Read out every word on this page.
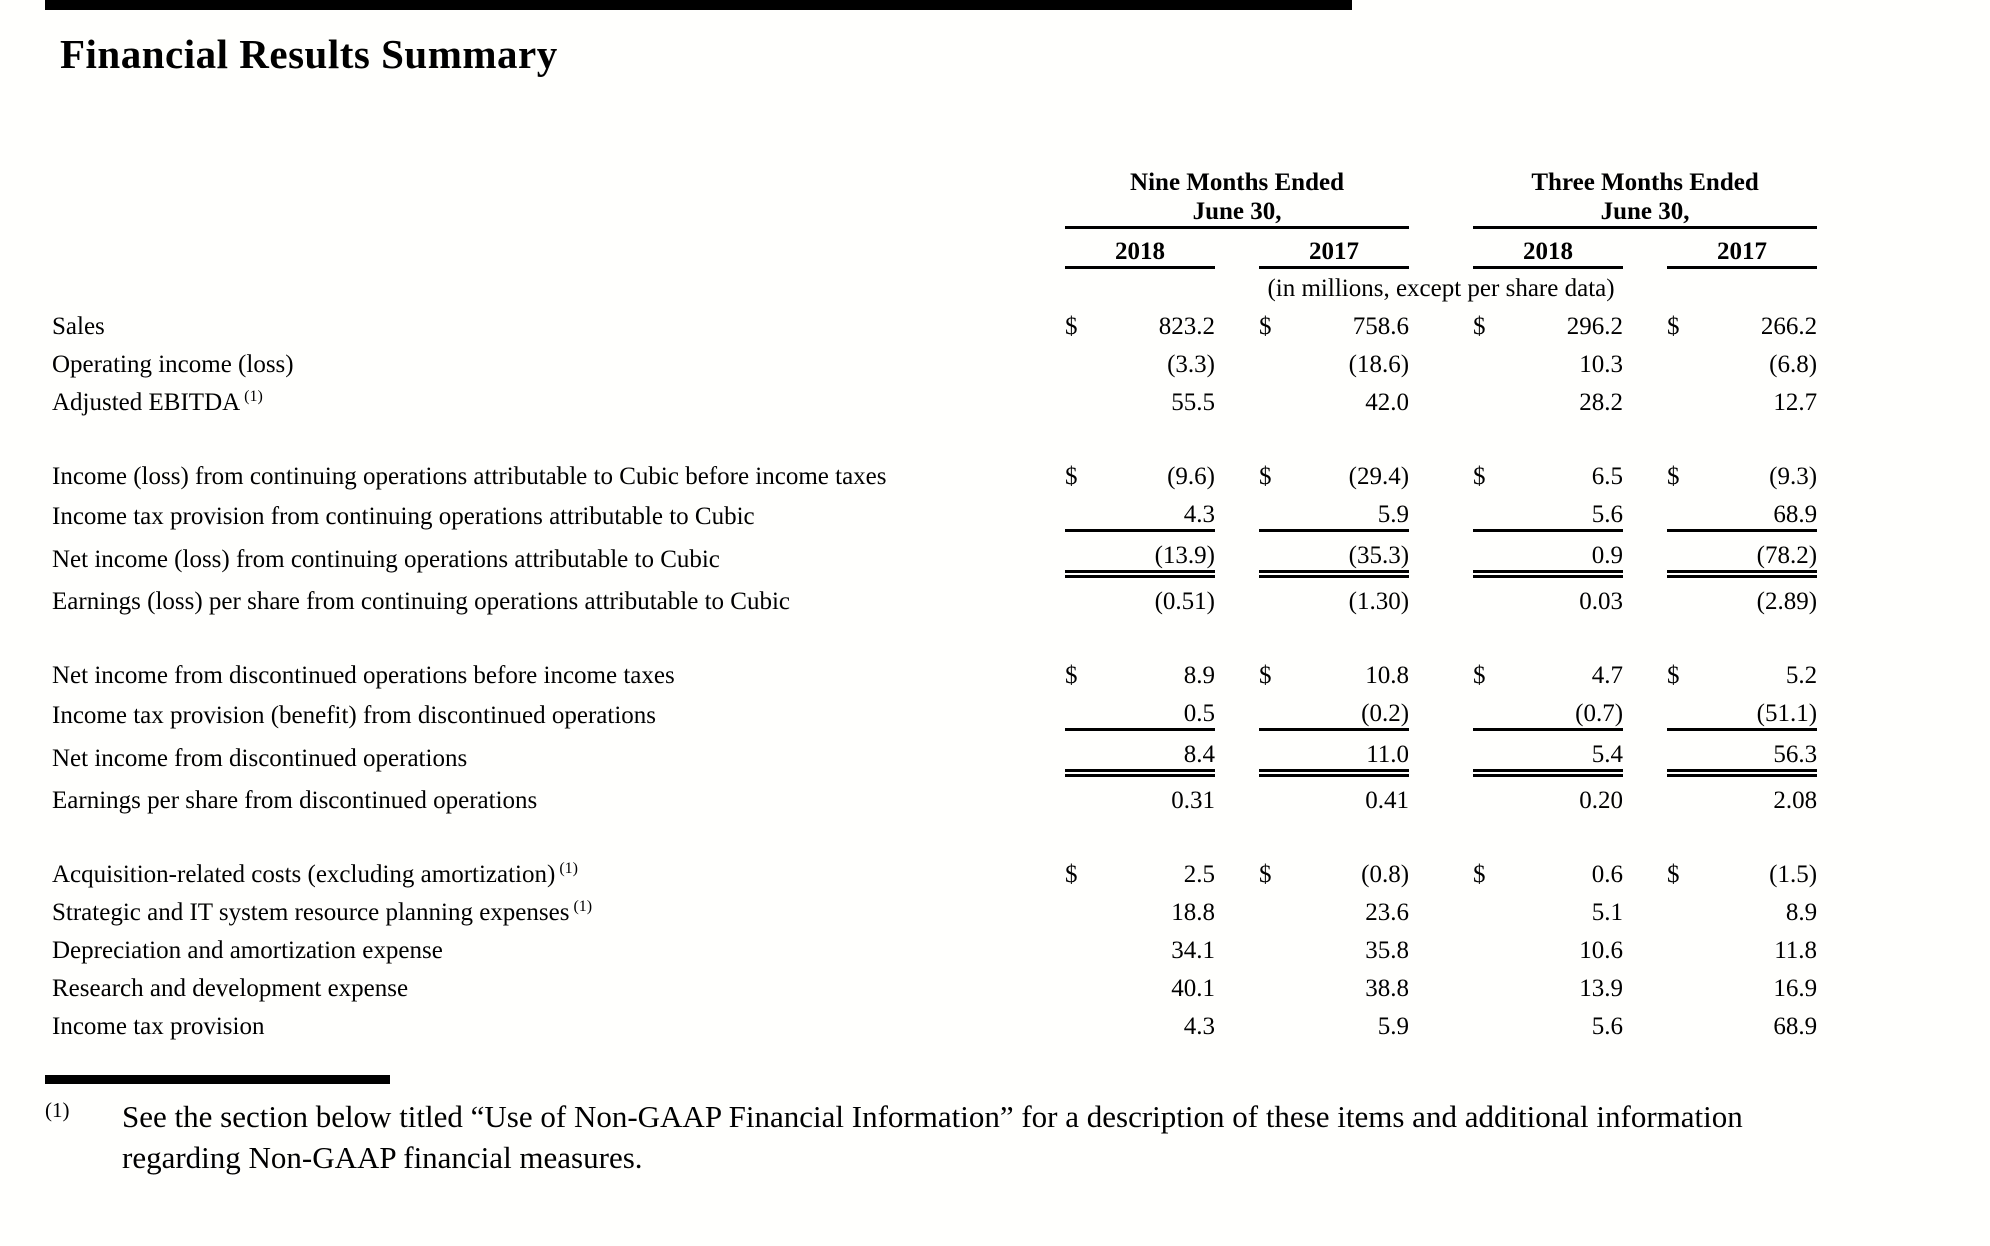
Financial Results Summary
	Nine Months Ended
June 30,						Three Months Ended
June 30,				
	2018			2017			2018			2017	
	(in millions, except per share data)										
Sales	$	823.2		$	758.6		$	296.2		$	266.2
Operating income (loss)		(3.3)			(18.6)			10.3			(6.8)
Adjusted EBITDA $^{(1)}$		55.5			42.0			28.2			12.7

Income (loss) from continuing operations attributable to Cubic before income taxes	$	(9.6)		$	(29.4)		$	6.5		$	(9.3)
Income tax provision from continuing operations attributable to Cubic		4.3			5.9			5.6			68.9
Net income (loss) from continuing operations attributable to Cubic		(13.9)			(35.3)			0.9			(78.2)
Earnings (loss) per share from continuing operations attributable to Cubic		(0.51)			(1.30)			0.03			(2.89)

Net income from discontinued operations before income taxes	$	8.9		$	10.8		$	4.7		$	5.2
Income tax provision (benefit) from discontinued operations		0.5			(0.2)			(0.7)			(51.1)
Net income from discontinued operations		8.4			11.0			5.4			56.3
Earnings per share from discontinued operations		0.31			0.41			0.20			2.08

Acquisition-related costs (excluding amortization) $^{(1)}$	$	2.5		$	(0.8)		$	0.6		$	(1.5)
Strategic and IT system resource planning expenses $^{(1)}$		18.8			23.6			5.1			8.9
Depreciation and amortization expense		34.1			35.8			10.6			11.8
Research and development expense		40.1			38.8			13.9			16.9
Income tax provision		4.3			5.9			5.6			68.9
(1) See the section below titled “Use of Non-GAAP Financial Information” for a description of these items and additional information regarding Non-GAAP financial measures.
